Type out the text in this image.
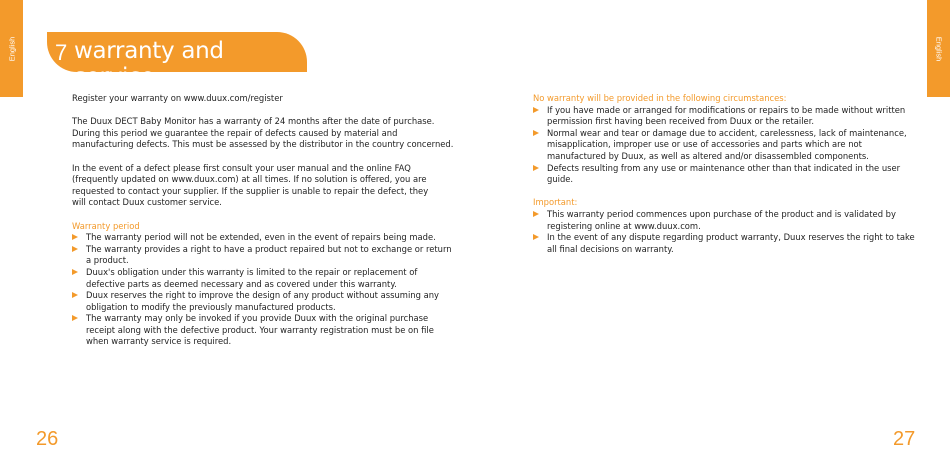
English 7 warranty and service

Register your warranty on www.duux.com/register

The Duux DECT Baby Monitor has a warranty of 24 months after the date of purchase.

During this period we guarantee the repair of defects caused by material and

manufacturing defects. This must be assessed by the distributor in the country concerned.

In the event of a defect please first consult your user manual and the online FAQ

(frequently updated on www.duux.com) at all times. If no solution is offered, you are

requested to contact your supplier. If the supplier is unable to repair the defect, they

will contact Duux customer service.

Warranty period

The warranty period will not be extended, even in the event of repairs being made.
The warranty provides a right to have a product repaired but not to exchange or return
a product.
Duux's obligation under this warranty is limited to the repair or replacement of
defective parts as deemed necessary and as covered under this warranty.
Duux reserves the right to improve the design of any product without assuming any
obligation to modify the previously manufactured products.
The warranty may only be invoked if you provide Duux with the original purchase
receipt along with the defective product. Your warranty registration must be on file
when warranty service is required.
26
English

No warranty will be provided in the following circumstances:

If you have made or arranged for modifications or repairs to be made without written
permission first having been received from Duux or the retailer.
Normal wear and tear or damage due to accident, carelessness, lack of maintenance,
misapplication, improper use or use of accessories and parts which are not
manufactured by Duux, as well as altered and/or disassembled components.
Defects resulting from any use or maintenance other than that indicated in the user
guide.

Important:

This warranty period commences upon purchase of the product and is validated by
registering online at www.duux.com.
In the event of any dispute regarding product warranty, Duux reserves the right to take
all final decisions on warranty.
27
